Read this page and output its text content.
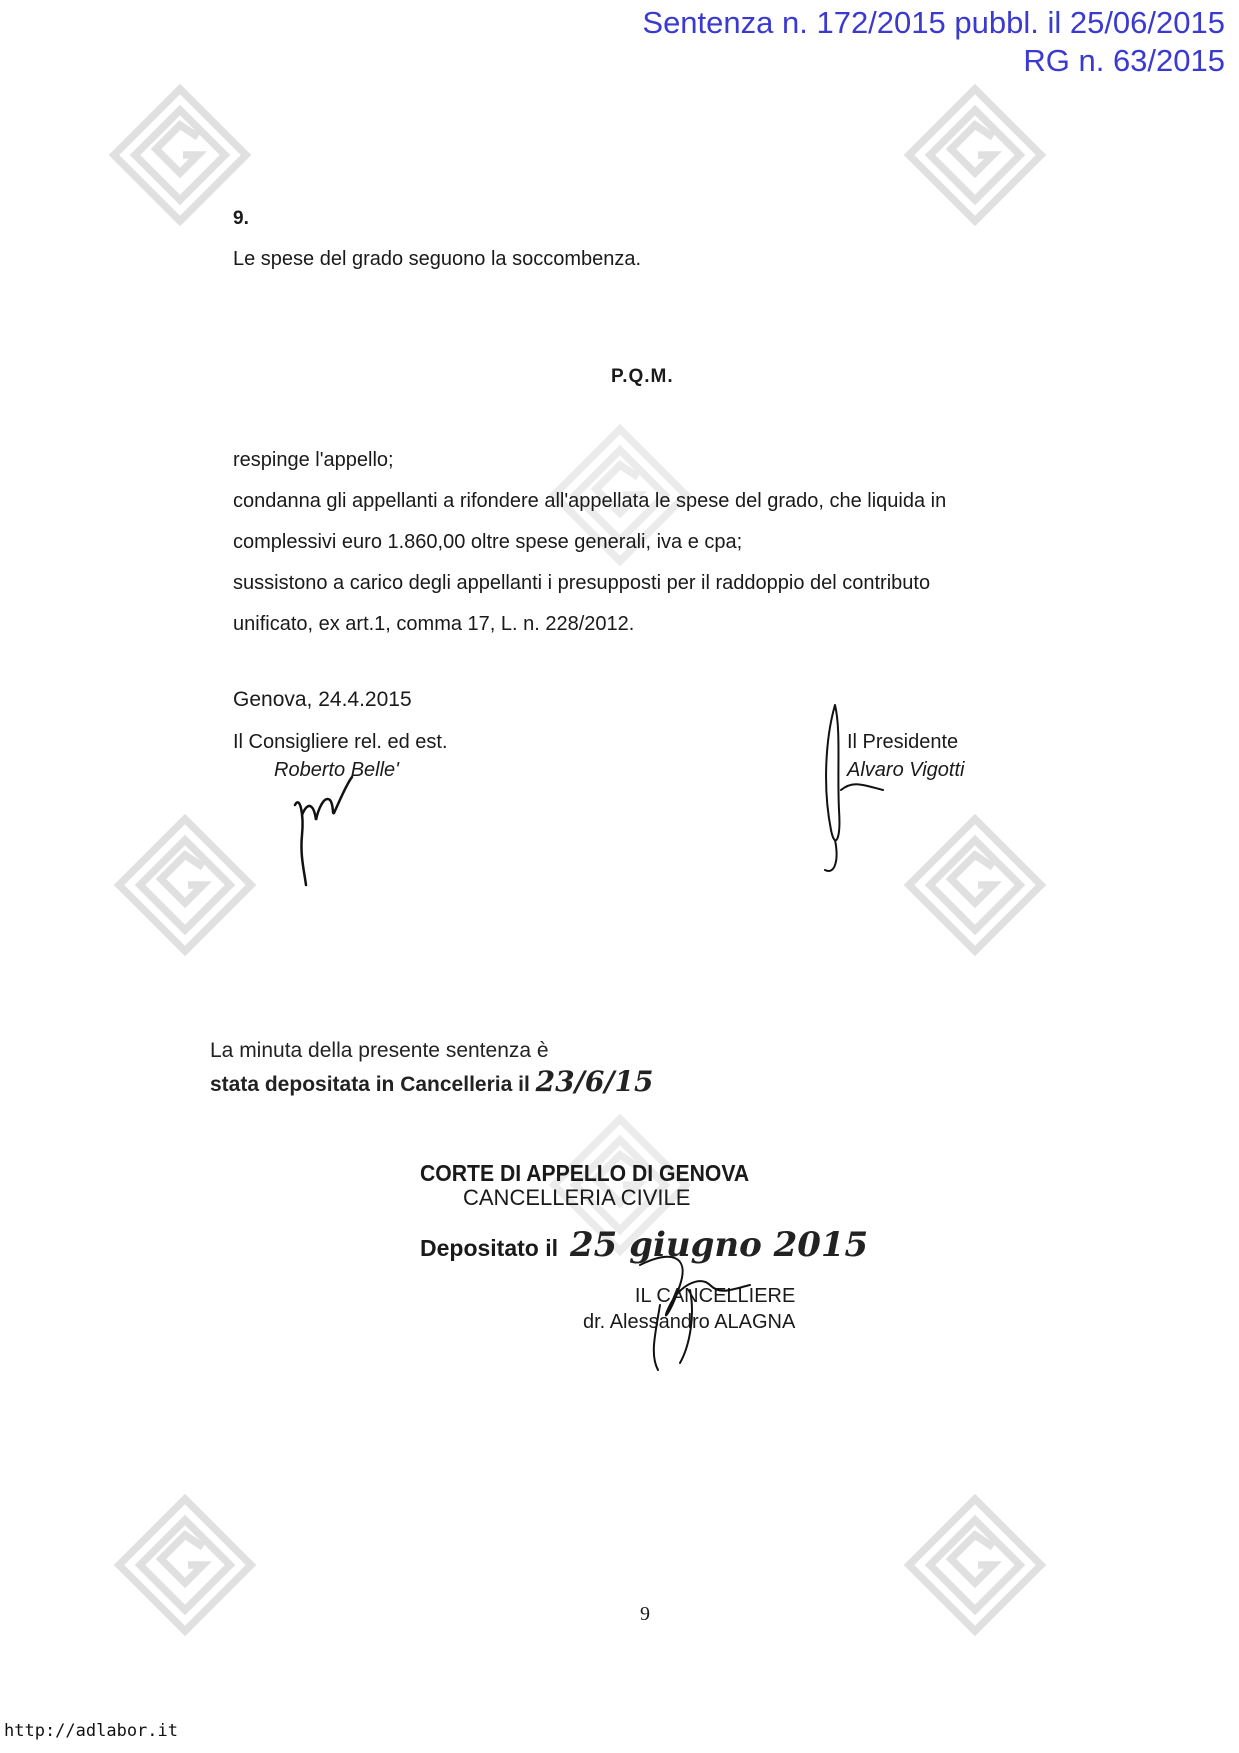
Sentenza n. 172/2015 pubbl. il 25/06/2015
RG n. 63/2015
9.
Le spese del grado seguono la soccombenza.
P.Q.M.
respinge l'appello;
condanna gli appellanti a rifondere all'appellata le spese del grado, che liquida in
complessivi euro 1.860,00 oltre spese generali, iva e cpa;
sussistono a carico degli appellanti i presupposti per il raddoppio del contributo
unificato, ex art.1, comma 17, L. n. 228/2012.
Genova, 24.4.2015
Il Consigliere rel. ed est.
Roberto Belle'
Il Presidente
Alvaro Vigotti
La minuta della presente sentenza è
stata depositata in Cancelleria il 23/6/15
CORTE DI APPELLO DI GENOVA
CANCELLERIA CIVILE
Depositato il 25 giugno 2015
IL CANCELLIERE
dr. Alessandro ALAGNA
9
http://adlabor.it
